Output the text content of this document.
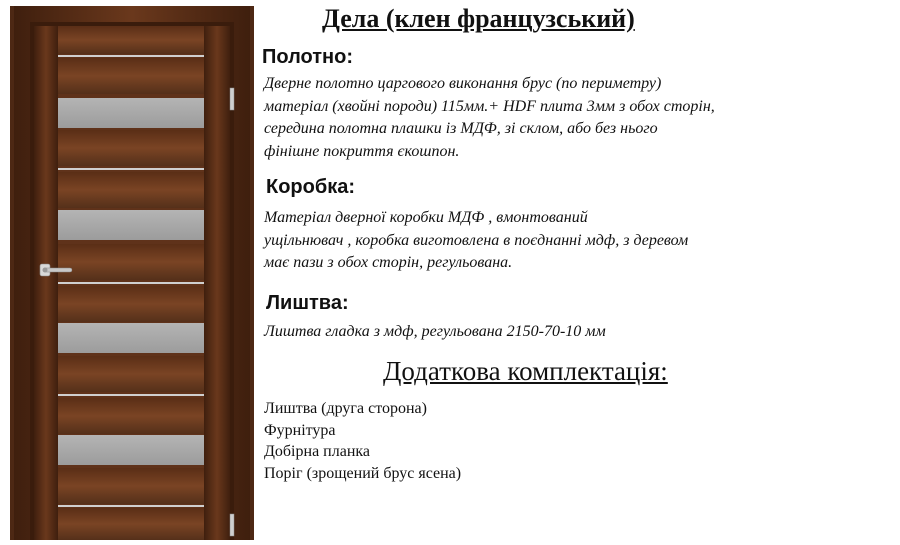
Дела (клен французський)
Полотно:
Дверне полотно царгового виконання брус (по периметру)
матеріал (хвойні породи) 115мм.+ HDF плита 3мм з обох сторін,
середина полотна плашки із МДФ, зі склом, або без нього
фінішне покриття єкошпон.
Коробка:
Матеріал дверної коробки МДФ , вмонтований
ущільнювач , коробка виготовлена в поєднанні мдф, з деревом
має пази з обох сторін, регульована.
Лиштва:
Лиштва гладка з мдф, регульована 2150-70-10 мм
Додаткова комплектація:
Лиштва (друга сторона)
Фурнітура
Добірна планка
Поріг (зрощений брус ясена)
